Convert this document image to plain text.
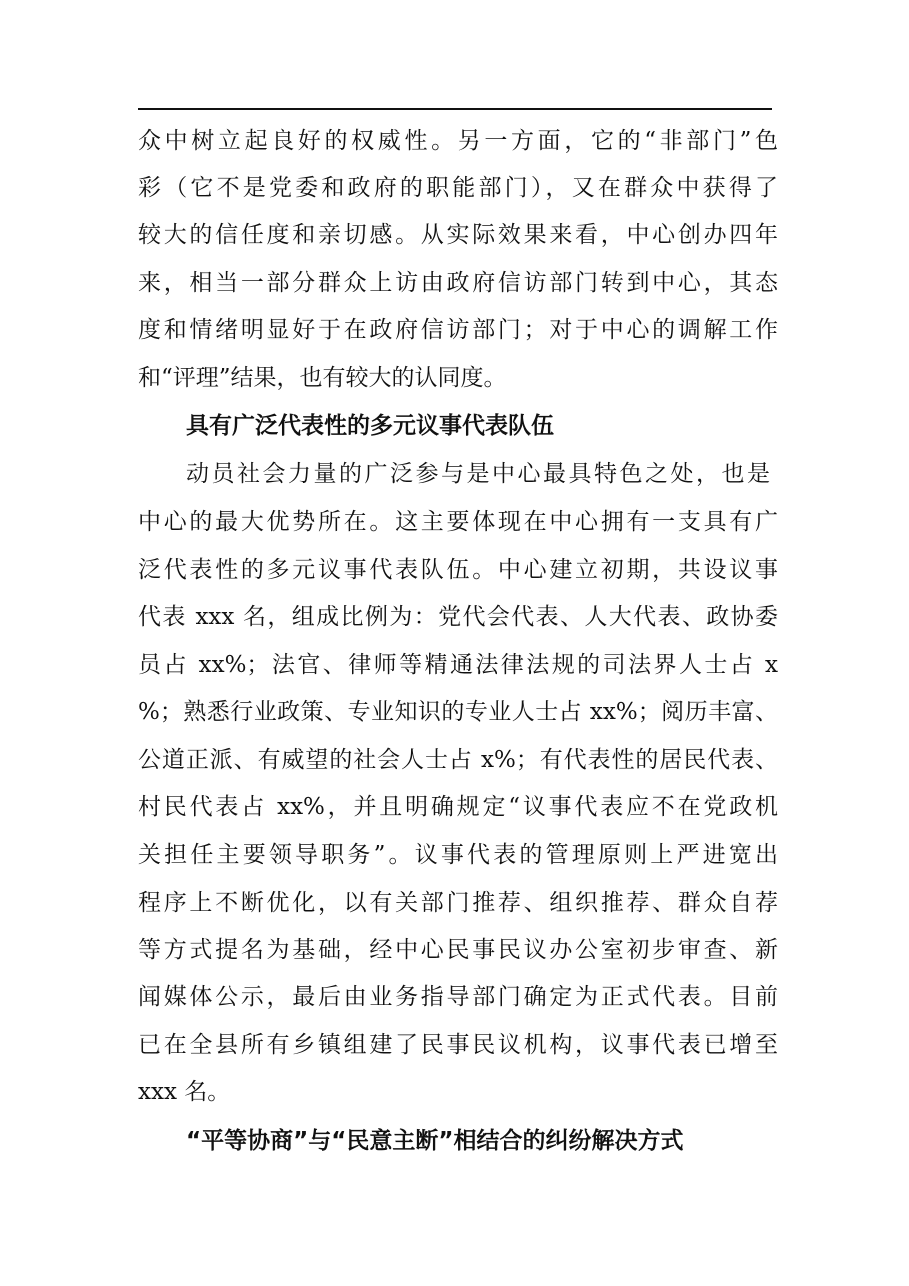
众中树立起良好的权威性。另一方面，它的“非部门”色
彩（它不是党委和政府的职能部门），又在群众中获得了
较大的信任度和亲切感。从实际效果来看，中心创办四年
来，相当一部分群众上访由政府信访部门转到中心，其态
度和情绪明显好于在政府信访部门；对于中心的调解工作
和“评理”结果，也有较大的认同度。
具有广泛代表性的多元议事代表队伍
动员社会力量的广泛参与是中心最具特色之处，也是
中心的最大优势所在。这主要体现在中心拥有一支具有广
泛代表性的多元议事代表队伍。中心建立初期，共设议事
代表 xxx 名，组成比例为：党代会代表、人大代表、政协委
员占 xx%；法官、律师等精通法律法规的司法界人士占 x
%；熟悉行业政策、专业知识的专业人士占 xx%；阅历丰富、
公道正派、有威望的社会人士占 x%；有代表性的居民代表、
村民代表占 xx%，并且明确规定“议事代表应不在党政机
关担任主要领导职务”。议事代表的管理原则上严进宽出
程序上不断优化，以有关部门推荐、组织推荐、群众自荐
等方式提名为基础，经中心民事民议办公室初步审查、新
闻媒体公示，最后由业务指导部门确定为正式代表。目前
已在全县所有乡镇组建了民事民议机构，议事代表已增至
xxx 名。
“平等协商”与“民意主断”相结合的纠纷解决方式
